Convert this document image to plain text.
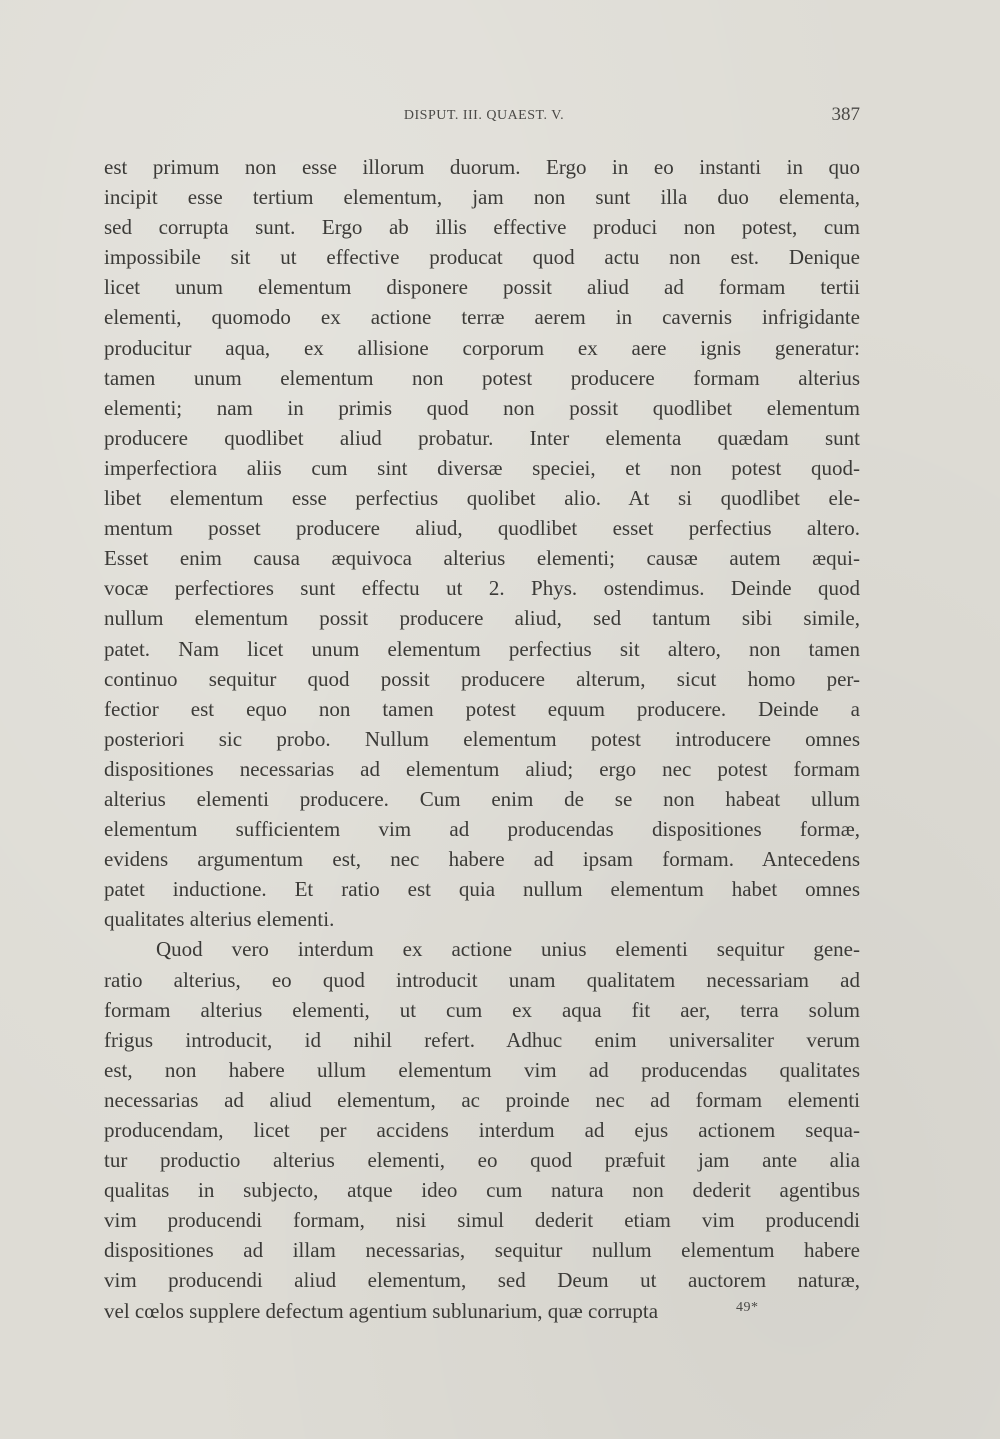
DISPUT. III. QUAEST. V.	387
est primum non esse illorum duorum. Ergo in eo instanti in quo
incipit esse tertium elementum, jam non sunt illa duo elementa,
sed corrupta sunt. Ergo ab illis effective produci non potest, cum
impossibile sit ut effective producat quod actu non est. Denique
licet unum elementum disponere possit aliud ad formam tertii
elementi, quomodo ex actione terræ aerem in cavernis infrigidante
producitur aqua, ex allisione corporum ex aere ignis generatur:
tamen unum elementum non potest producere formam alterius
elementi; nam in primis quod non possit quodlibet elementum
producere quodlibet aliud probatur. Inter elementa quædam sunt
imperfectiora aliis cum sint diversæ speciei, et non potest quod-
libet elementum esse perfectius quolibet alio. At si quodlibet ele-
mentum posset producere aliud, quodlibet esset perfectius altero.
Esset enim causa æquivoca alterius elementi; causæ autem æqui-
vocæ perfectiores sunt effectu ut 2. Phys. ostendimus. Deinde quod
nullum elementum possit producere aliud, sed tantum sibi simile,
patet. Nam licet unum elementum perfectius sit altero, non tamen
continuo sequitur quod possit producere alterum, sicut homo per-
fectior est equo non tamen potest equum producere. Deinde a
posteriori sic probo. Nullum elementum potest introducere omnes
dispositiones necessarias ad elementum aliud; ergo nec potest formam
alterius elementi producere. Cum enim de se non habeat ullum
elementum sufficientem vim ad producendas dispositiones formæ,
evidens argumentum est, nec habere ad ipsam formam. Antecedens
patet inductione. Et ratio est quia nullum elementum habet omnes
qualitates alterius elementi.
Quod vero interdum ex actione unius elementi sequitur gene-
ratio alterius, eo quod introducit unam qualitatem necessariam ad
formam alterius elementi, ut cum ex aqua fit aer, terra solum
frigus introducit, id nihil refert. Adhuc enim universaliter verum
est, non habere ullum elementum vim ad producendas qualitates
necessarias ad aliud elementum, ac proinde nec ad formam elementi
producendam, licet per accidens interdum ad ejus actionem sequa-
tur productio alterius elementi, eo quod præfuit jam ante alia
qualitas in subjecto, atque ideo cum natura non dederit agentibus
vim producendi formam, nisi simul dederit etiam vim producendi
dispositiones ad illam necessarias, sequitur nullum elementum habere
vim producendi aliud elementum, sed Deum ut auctorem naturæ,
vel cœlos supplere defectum agentium sublunarium, quæ corrupta	49*
